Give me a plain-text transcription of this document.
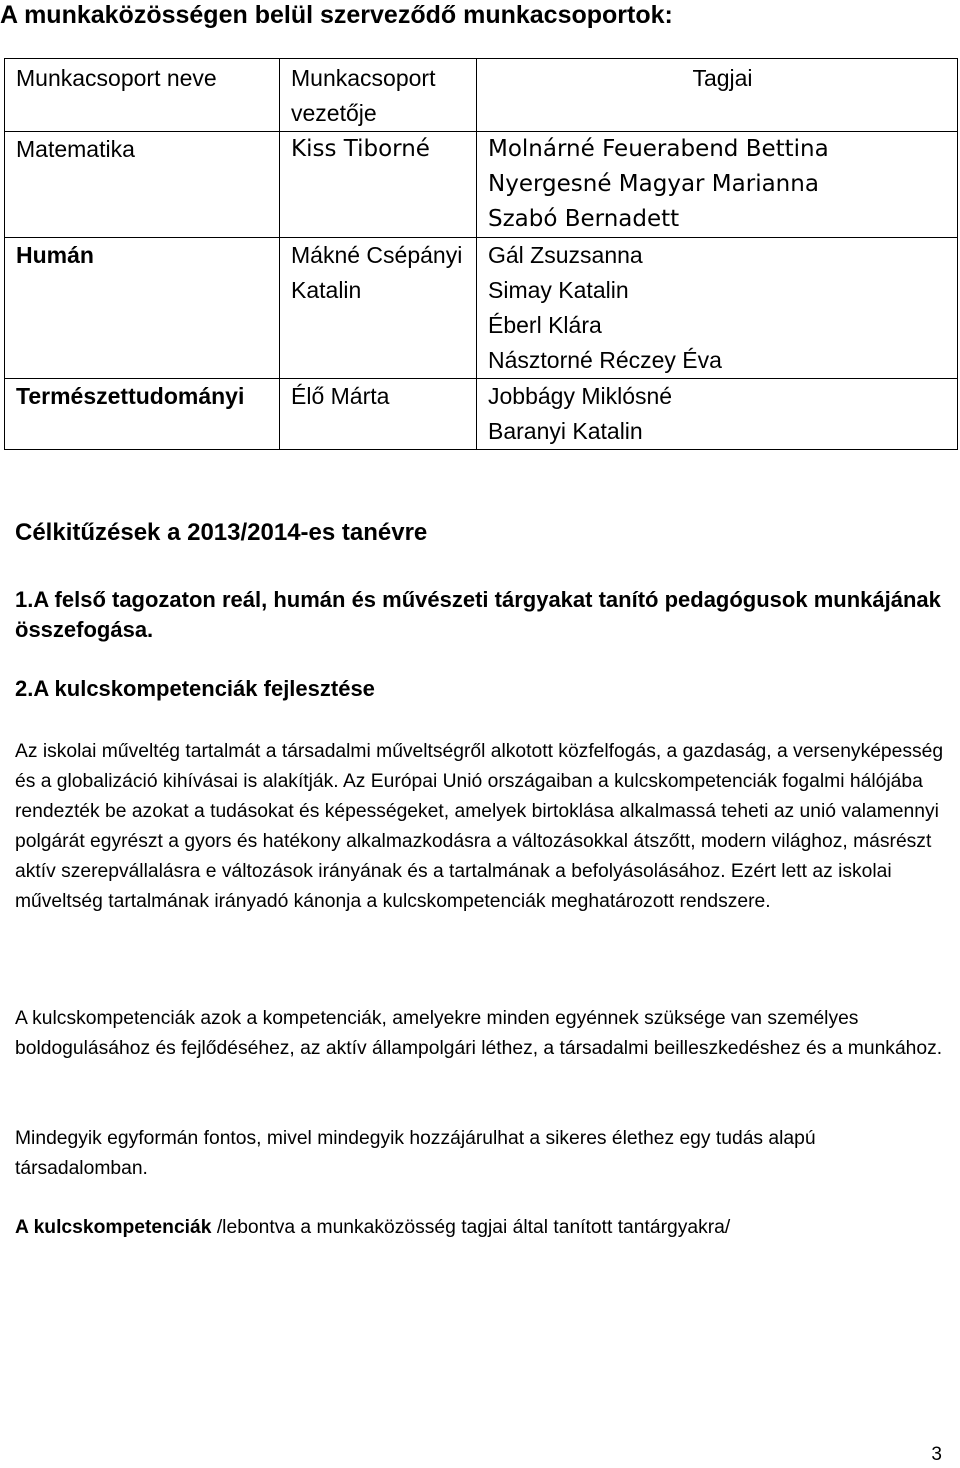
A munkaközösségen belül szerveződő munkacsoportok:
Munkacsoport neve	Munkacsoport vezetője	Tagjai
Matematika	Kiss Tiborné	Molnárné Feuerabend Bettina
Nyergesné Magyar Marianna
Szabó Bernadett

Humán	Mákné Csépányi Katalin	Gál Zsuzsanna
Simay Katalin
Éberl Klára
Násztorné Réczey Éva

Természettudományi	Élő Márta	Jobbágy Miklósné
Baranyi Katalin
Célkitűzések a 2013/2014-es tanévre
1.A felső tagozaton reál, humán és művészeti tárgyakat tanító pedagógusok munkájának összefogása.
2.A kulcskompetenciák fejlesztése
Az iskolai műveltég tartalmát a társadalmi műveltségről alkotott közfelfogás, a gazdaság, a versenyképesség és a globalizáció kihívásai is alakítják. Az Európai Unió országaiban a kulcskompetenciák fogalmi hálójába rendezték be azokat a tudásokat és képességeket, amelyek birtoklása alkalmassá teheti az unió valamennyi polgárát egyrészt a gyors és hatékony alkalmazkodásra a változásokkal átszőtt, modern világhoz, másrészt aktív szerepvállalásra e változások irányának és a tartalmának a befolyásolásához. Ezért lett az iskolai műveltség tartalmának irányadó kánonja a kulcskompetenciák meghatározott rendszere.
A kulcskompetenciák azok a kompetenciák, amelyekre minden egyénnek szüksége van személyes boldogulásához és fejlődéséhez, az aktív állampolgári léthez, a társadalmi beilleszkedéshez és a munkához.
Mindegyik egyformán fontos, mivel mindegyik hozzájárulhat a sikeres élethez egy tudás alapú társadalomban.
A kulcskompetenciák /lebontva a munkaközösség tagjai által tanított tantárgyakra/
3
